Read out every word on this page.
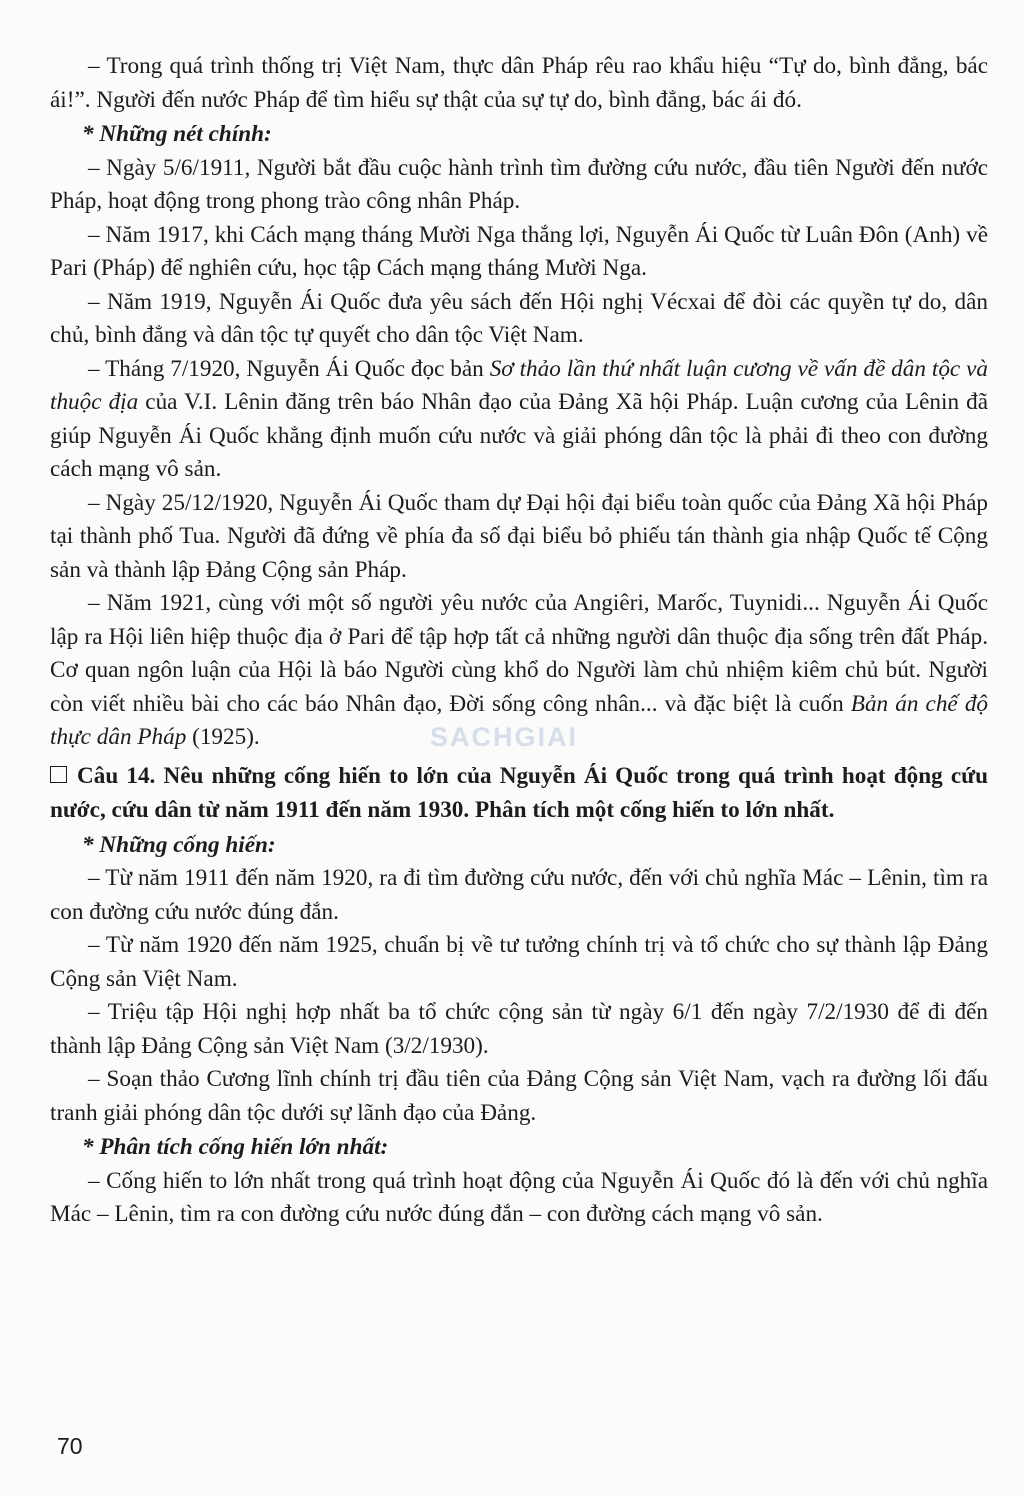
– Trong quá trình thống trị Việt Nam, thực dân Pháp rêu rao khẩu hiệu “Tự do, bình đẳng, bác ái!”. Người đến nước Pháp để tìm hiểu sự thật của sự tự do, bình đẳng, bác ái đó.

* Những nét chính:

– Ngày 5/6/1911, Người bắt đầu cuộc hành trình tìm đường cứu nước, đầu tiên Người đến nước Pháp, hoạt động trong phong trào công nhân Pháp.

– Năm 1917, khi Cách mạng tháng Mười Nga thắng lợi, Nguyễn Ái Quốc từ Luân Đôn (Anh) về Pari (Pháp) để nghiên cứu, học tập Cách mạng tháng Mười Nga.

– Năm 1919, Nguyễn Ái Quốc đưa yêu sách đến Hội nghị Vécxai để đòi các quyền tự do, dân chủ, bình đẳng và dân tộc tự quyết cho dân tộc Việt Nam.

– Tháng 7/1920, Nguyễn Ái Quốc đọc bản Sơ thảo lần thứ nhất luận cương về vấn đề dân tộc và thuộc địa của V.I. Lênin đăng trên báo Nhân đạo của Đảng Xã hội Pháp. Luận cương của Lênin đã giúp Nguyễn Ái Quốc khẳng định muốn cứu nước và giải phóng dân tộc là phải đi theo con đường cách mạng vô sản.

– Ngày 25/12/1920, Nguyễn Ái Quốc tham dự Đại hội đại biểu toàn quốc của Đảng Xã hội Pháp tại thành phố Tua. Người đã đứng về phía đa số đại biểu bỏ phiếu tán thành gia nhập Quốc tế Cộng sản và thành lập Đảng Cộng sản Pháp.

– Năm 1921, cùng với một số người yêu nước của Angiêri, Marốc, Tuynidi... Nguyễn Ái Quốc lập ra Hội liên hiệp thuộc địa ở Pari để tập hợp tất cả những người dân thuộc địa sống trên đất Pháp. Cơ quan ngôn luận của Hội là báo Người cùng khổ do Người làm chủ nhiệm kiêm chủ bút. Người còn viết nhiều bài cho các báo Nhân đạo, Đời sống công nhân... và đặc biệt là cuốn Bản án chế độ thực dân Pháp (1925).

Câu 14. Nêu những cống hiến to lớn của Nguyễn Ái Quốc trong quá trình hoạt động cứu nước, cứu dân từ năm 1911 đến năm 1930. Phân tích một cống hiến to lớn nhất.

* Những cống hiến:

– Từ năm 1911 đến năm 1920, ra đi tìm đường cứu nước, đến với chủ nghĩa Mác – Lênin, tìm ra con đường cứu nước đúng đắn.

– Từ năm 1920 đến năm 1925, chuẩn bị về tư tưởng chính trị và tổ chức cho sự thành lập Đảng Cộng sản Việt Nam.

– Triệu tập Hội nghị hợp nhất ba tổ chức cộng sản từ ngày 6/1 đến ngày 7/2/1930 để đi đến thành lập Đảng Cộng sản Việt Nam (3/2/1930).

– Soạn thảo Cương lĩnh chính trị đầu tiên của Đảng Cộng sản Việt Nam, vạch ra đường lối đấu tranh giải phóng dân tộc dưới sự lãnh đạo của Đảng.

* Phân tích cống hiến lớn nhất:

– Cống hiến to lớn nhất trong quá trình hoạt động của Nguyễn Ái Quốc đó là đến với chủ nghĩa Mác – Lênin, tìm ra con đường cứu nước đúng đắn – con đường cách mạng vô sản.

SACHGIAI
70
